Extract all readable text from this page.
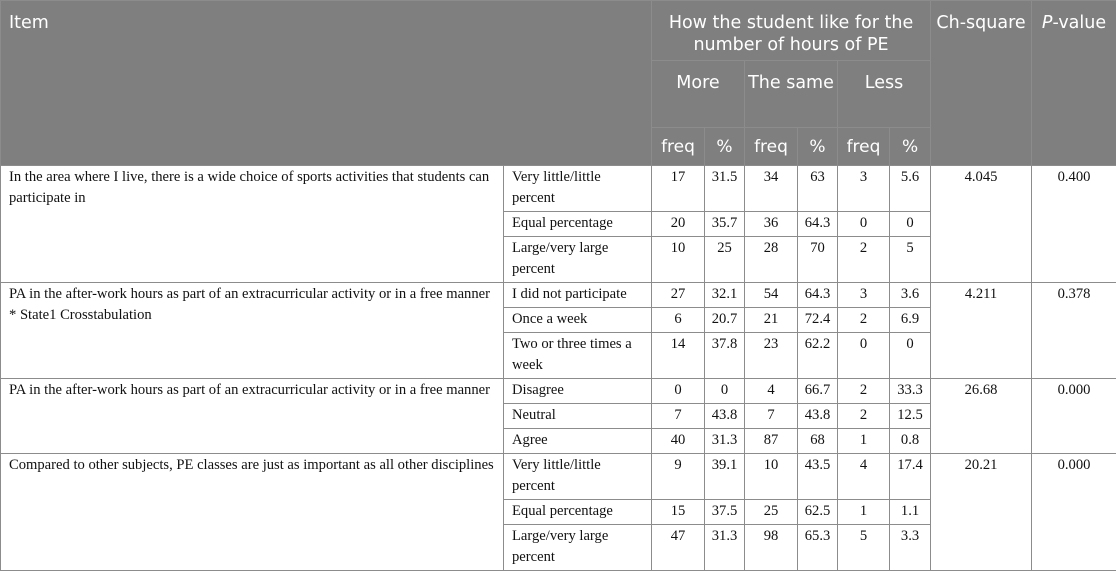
Item		How the student like for the number of hours of PE						Ch-square	P-value
		More		The same		Less			
		freq	%	freq	%	freq	%		
In the area where I live, there is a wide choice of sports activities that students can participate in	Very little/little percent	17	31.5	34	63	3	5.6	4.045	0.400
	Equal percentage	20	35.7	36	64.3	0	0		
	Large/very large percent	10	25	28	70	2	5		
PA in the after-work hours as part of an extracurricular activity or in a free manner * State1 Crosstabulation	I did not participate	27	32.1	54	64.3	3	3.6	4.211	0.378
	Once a week	6	20.7	21	72.4	2	6.9		
	Two or three times a week	14	37.8	23	62.2	0	0		
PA in the after-work hours as part of an extracurricular activity or in a free manner	Disagree	0	0	4	66.7	2	33.3	26.68	0.000
	Neutral	7	43.8	7	43.8	2	12.5		
	Agree	40	31.3	87	68	1	0.8		
Compared to other subjects, PE classes are just as important as all other disciplines	Very little/little percent	9	39.1	10	43.5	4	17.4	20.21	0.000
	Equal percentage	15	37.5	25	62.5	1	1.1		
	Large/very large percent	47	31.3	98	65.3	5	3.3		
